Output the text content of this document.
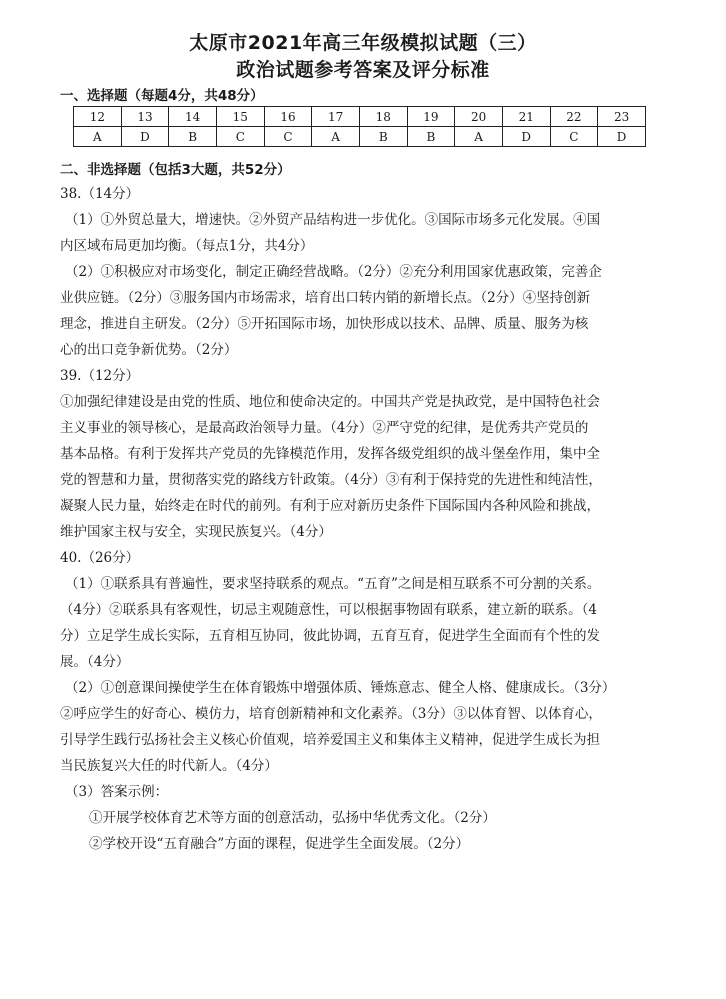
太原市2021年高三年级模拟试题（三）
政治试题参考答案及评分标准
一、选择题（每题4分，共48分）
12	13	14	15	16	17	18	19	20	21	22	23
A	D	B	C	C	A	B	B	A	D	C	D
二、非选择题（包括3大题，共52分）

38.（14分）

（1）①外贸总量大，增速快。②外贸产品结构进一步优化。③国际市场多元化发展。④国

内区域布局更加均衡。（每点1分，共4分）

（2）①积极应对市场变化，制定正确经营战略。（2分）②充分利用国家优惠政策，完善企

业供应链。（2分）③服务国内市场需求，培育出口转内销的新增长点。（2分）④坚持创新

理念，推进自主研发。（2分）⑤开拓国际市场，加快形成以技术、品牌、质量、服务为核

心的出口竞争新优势。（2分）

39.（12分）

①加强纪律建设是由党的性质、地位和使命决定的。中国共产党是执政党，是中国特色社会

主义事业的领导核心，是最高政治领导力量。（4分）②严守党的纪律，是优秀共产党员的

基本品格。有利于发挥共产党员的先锋模范作用，发挥各级党组织的战斗堡垒作用，集中全

党的智慧和力量，贯彻落实党的路线方针政策。（4分）③有利于保持党的先进性和纯洁性，

凝聚人民力量，始终走在时代的前列。有利于应对新历史条件下国际国内各种风险和挑战，

维护国家主权与安全，实现民族复兴。（4分）

40.（26分）

（1）①联系具有普遍性，要求坚持联系的观点。“五育”之间是相互联系不可分割的关系。

（4分）②联系具有客观性，切忌主观随意性，可以根据事物固有联系，建立新的联系。（4

分）立足学生成长实际，五育相互协同，彼此协调，五育互育，促进学生全面而有个性的发

展。（4分）

（2）①创意课间操使学生在体育锻炼中增强体质、锤炼意志、健全人格、健康成长。（3分）

②呼应学生的好奇心、模仿力，培育创新精神和文化素养。（3分）③以体育智、以体育心，

引导学生践行弘扬社会主义核心价值观，培养爱国主义和集体主义精神，促进学生成长为担

当民族复兴大任的时代新人。（4分）

（3）答案示例：

①开展学校体育艺术等方面的创意活动，弘扬中华优秀文化。（2分）

②学校开设“五育融合”方面的课程，促进学生全面发展。（2分）
